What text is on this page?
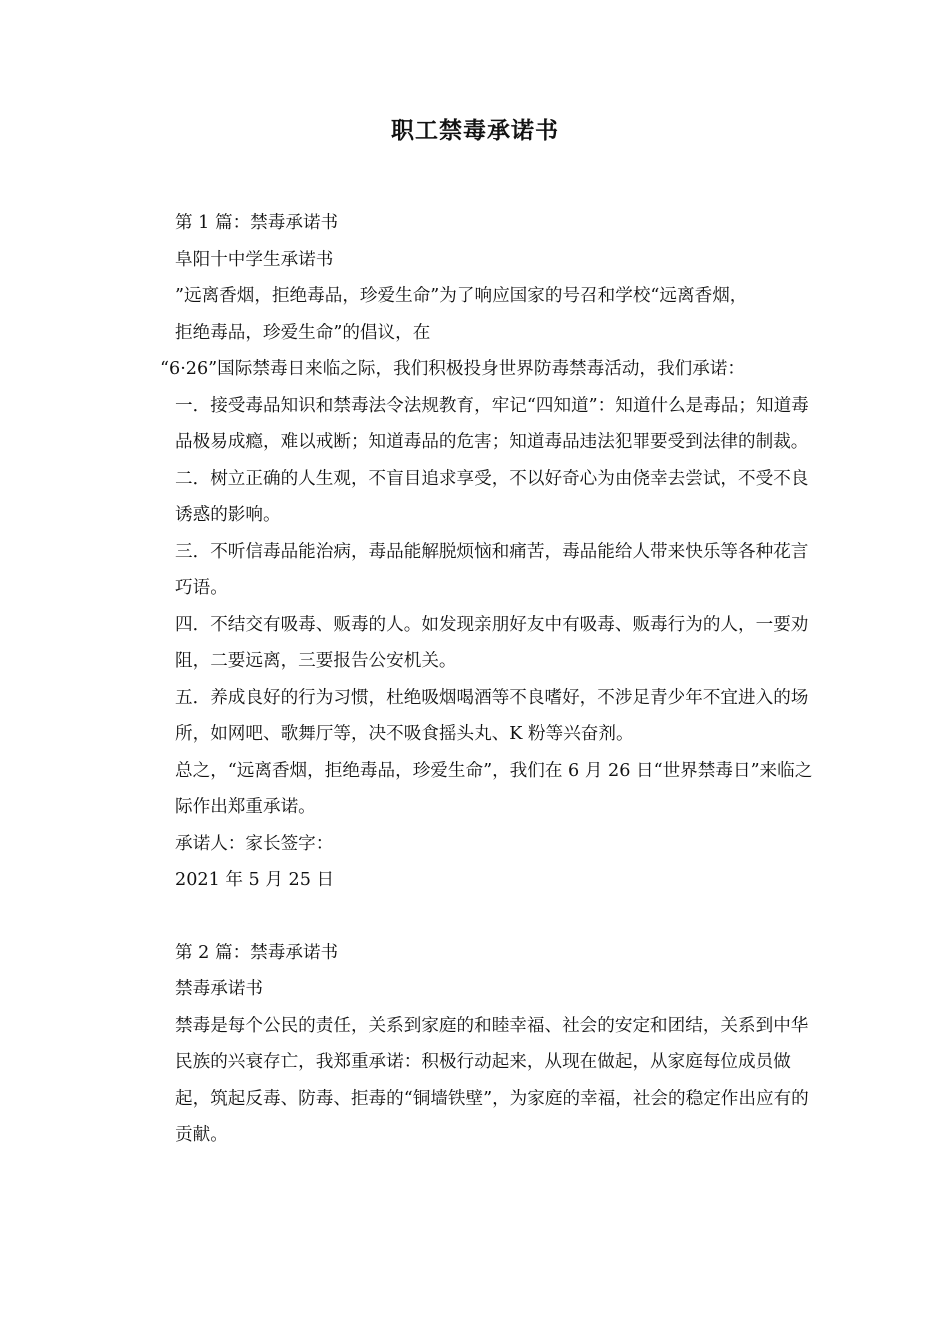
职工禁毒承诺书

第 1 篇：禁毒承诺书

阜阳十中学生承诺书

”远离香烟，拒绝毒品，珍爱生命”为了响应国家的号召和学校“远离香烟，

拒绝毒品，珍爱生命”的倡议，在

“6·26”国际禁毒日来临之际，我们积极投身世界防毒禁毒活动，我们承诺：

一．接受毒品知识和禁毒法令法规教育，牢记“四知道”：知道什么是毒品；知道毒品极易成瘾，难以戒断；知道毒品的危害；知道毒品违法犯罪要受到法律的制裁。

二．树立正确的人生观，不盲目追求享受，不以好奇心为由侥幸去尝试，不受不良诱惑的影响。

三．不听信毒品能治病，毒品能解脱烦恼和痛苦，毒品能给人带来快乐等各种花言巧语。

四．不结交有吸毒、贩毒的人。如发现亲朋好友中有吸毒、贩毒行为的人，一要劝阻，二要远离，三要报告公安机关。

五．养成良好的行为习惯，杜绝吸烟喝酒等不良嗜好，不涉足青少年不宜进入的场所，如网吧、歌舞厅等，决不吸食摇头丸、K 粉等兴奋剂。

总之，“远离香烟，拒绝毒品，珍爱生命”，我们在 6 月 26 日“世界禁毒日”来临之际作出郑重承诺。

承诺人：家长签字：

2021 年 5 月 25 日

第 2 篇：禁毒承诺书

禁毒承诺书

禁毒是每个公民的责任，关系到家庭的和睦幸福、社会的安定和团结，关系到中华民族的兴衰存亡，我郑重承诺：积极行动起来，从现在做起，从家庭每位成员做起，筑起反毒、防毒、拒毒的“铜墙铁壁”，为家庭的幸福，社会的稳定作出应有的贡献。
